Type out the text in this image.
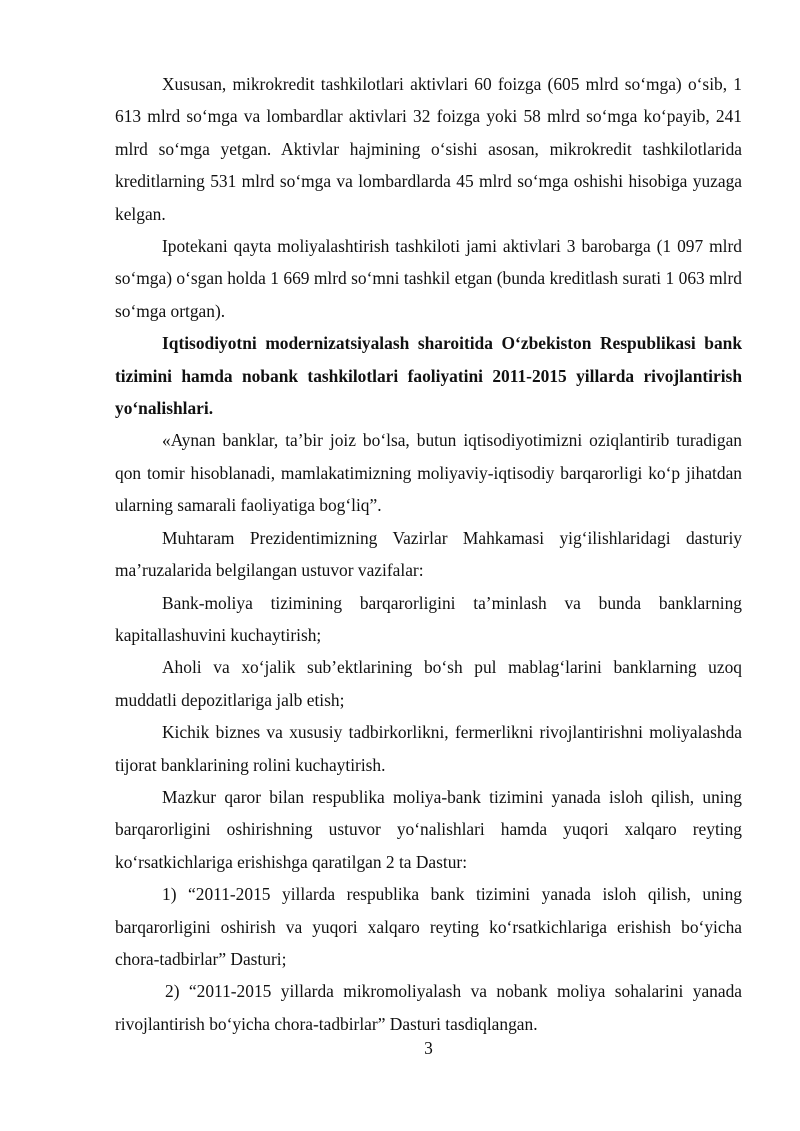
Xususan, mikrokredit tashkilotlari aktivlari 60 foizga (605 mlrd so‘mga) o‘sib, 1 613 mlrd so‘mga va lombardlar aktivlari 32 foizga yoki 58 mlrd so‘mga ko‘payib, 241 mlrd so‘mga yetgan. Aktivlar hajmining o‘sishi asosan, mikrokredit tashkilotlarida kreditlarning 531 mlrd so‘mga va lombardlarda 45 mlrd so‘mga oshishi hisobiga yuzaga kelgan.

Ipotekani qayta moliyalashtirish tashkiloti jami aktivlari 3 barobarga (1 097 mlrd so‘mga) o‘sgan holda 1 669 mlrd so‘mni tashkil etgan (bunda kreditlash surati 1 063 mlrd so‘mga ortgan).

Iqtisodiyotni modernizatsiyalash sharoitida O‘zbekiston Respublikasi bank tizimini hamda nobank tashkilotlari faoliyatini 2011-2015 yillarda rivojlantirish yo‘nalishlari.

«Aynan banklar, ta’bir joiz bo‘lsa, butun iqtisodiyotimizni oziqlantirib turadigan qon tomir hisoblanadi, mamlakatimizning moliyaviy-iqtisodiy barqarorligi ko‘p jihatdan ularning samarali faoliyatiga bog‘liq”.

Muhtaram Prezidentimizning Vazirlar Mahkamasi yig‘ilishlaridagi dasturiy ma’ruzalarida belgilangan ustuvor vazifalar:

Bank-moliya tizimining barqarorligini ta’minlash va bunda banklarning kapitallashuvini kuchaytirish;

Aholi va xo‘jalik sub’ektlarining bo‘sh pul mablag‘larini banklarning uzoq muddatli depozitlariga jalb etish;

Kichik biznes va xususiy tadbirkorlikni, fermerlikni rivojlantirishni moliyalashda tijorat banklarining rolini kuchaytirish.

Mazkur qaror bilan respublika moliya-bank tizimini yanada isloh qilish, uning barqarorligini oshirishning ustuvor yo‘nalishlari hamda yuqori xalqaro reyting ko‘rsatkichlariga erishishga qaratilgan 2 ta Dastur:

1) “2011-2015 yillarda respublika bank tizimini yanada isloh qilish, uning barqarorligini oshirish va yuqori xalqaro reyting ko‘rsatkichlariga erishish bo‘yicha chora-tadbirlar” Dasturi;

2) “2011-2015 yillarda mikromoliyalash va nobank moliya sohalarini yanada rivojlantirish bo‘yicha chora-tadbirlar” Dasturi tasdiqlangan.

3
